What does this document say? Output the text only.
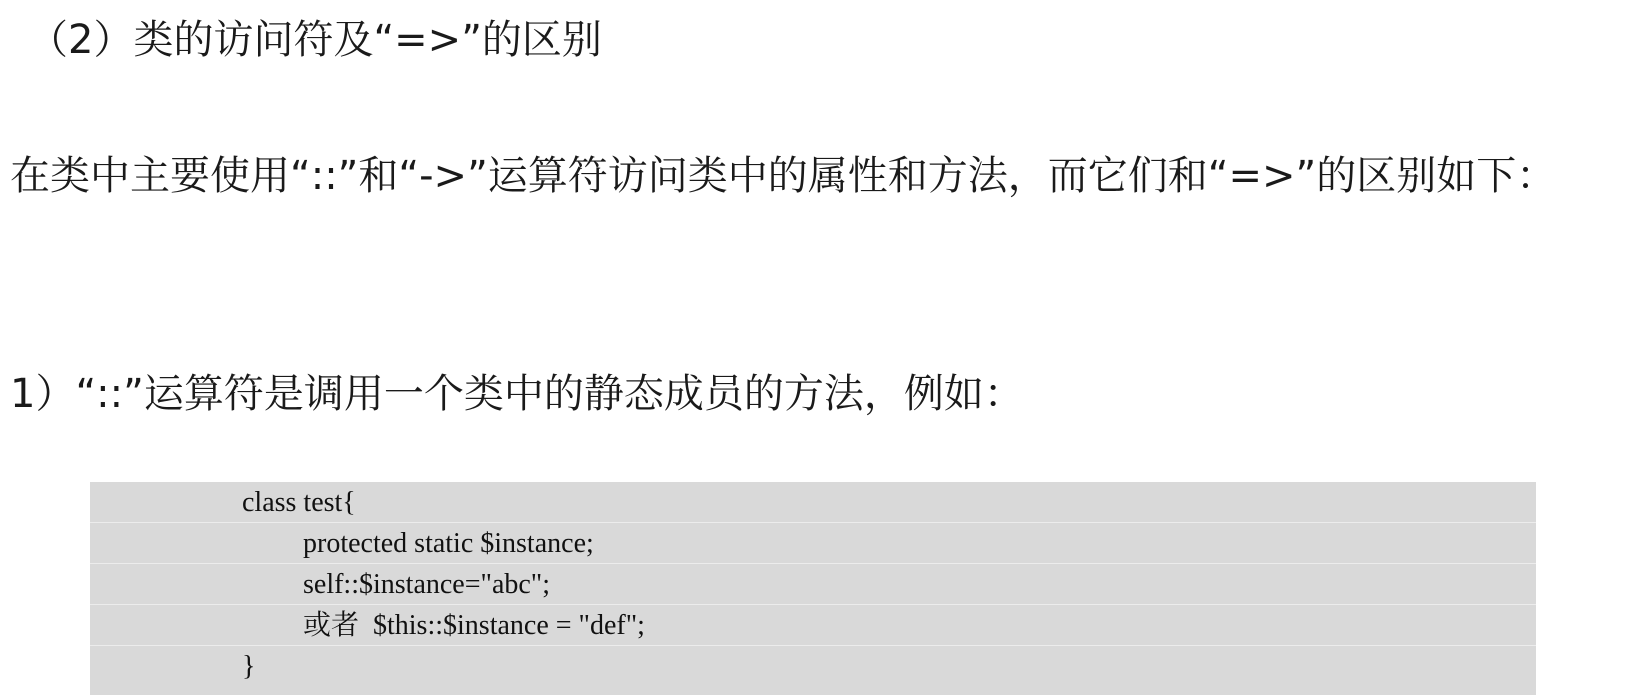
（2）类的访问符及“=>”的区别
在类中主要使用“::”和“->”运算符访问类中的属性和方法，而它们和“=>”的区别如下：
1）“::”运算符是调用一个类中的静态成员的方法，例如：
class test{
protected static $instance;
self::$instance="abc";
或者  $this::$instance = "def";
}
